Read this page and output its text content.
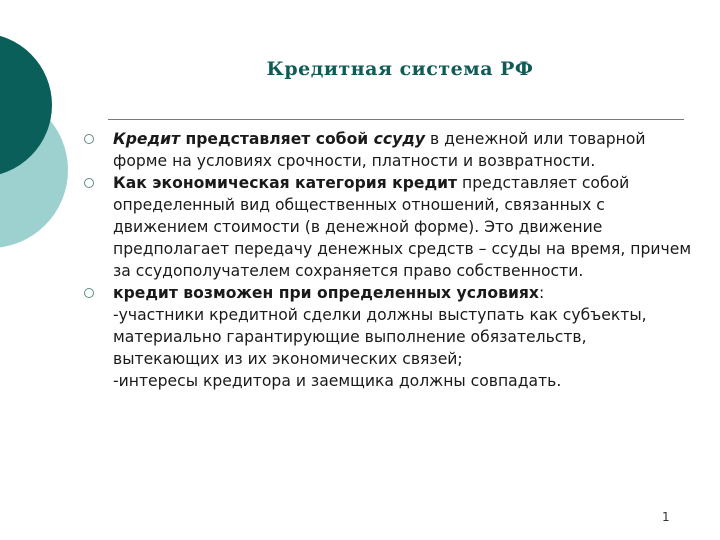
Кредитная система РФ
Кредит представляет собой ссуду в денежной или товарной форме на условиях срочности, платности и возвратности.
Как экономическая категория кредит представляет собой определенный вид общественных отношений, связанных с движением стоимости (в денежной форме). Это движение предполагает передачу денежных средств – ссуды на время, причем за ссудополучателем сохраняется право собственности.
кредит возможен при определенных условиях:
-участники кредитной сделки должны выступать как субъекты, материально гарантирующие выполнение обязательств, вытекающих из их экономических связей;
-интересы кредитора и заемщика должны совпадать.
1
